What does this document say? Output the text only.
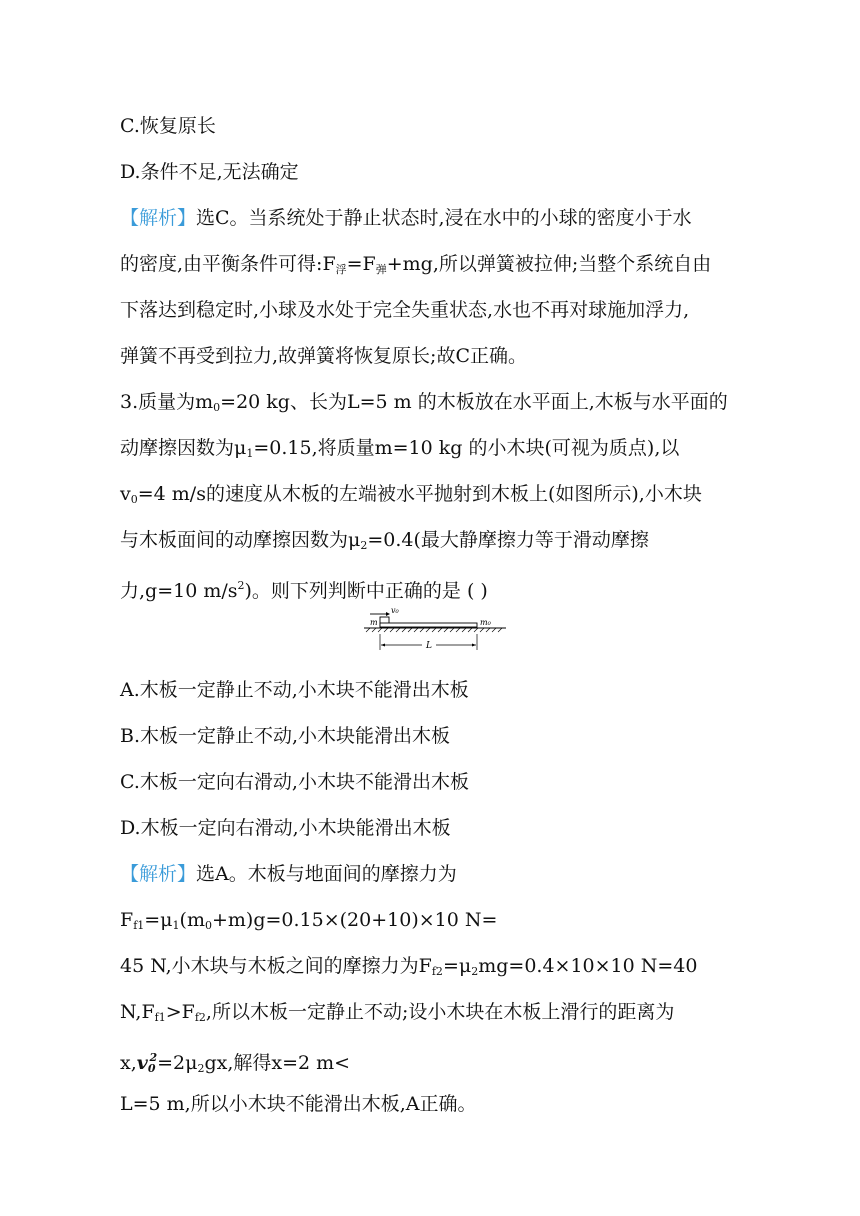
C.恢复原长
D.条件不足,无法确定
【解析】选C。当系统处于静止状态时,浸在水中的小球的密度小于水
的密度,由平衡条件可得$:F_浮=F_弹+mg$,所以弹簧被拉伸;当整个系统自由
下落达到稳定时,小球及水处于完全失重状态,水也不再对球施加浮力,
弹簧不再受到拉力,故弹簧将恢复原长;故C正确。
3.质量为$m_0=20$ kg、长为L=5 m 的木板放在水平面上,木板与水平面的
动摩擦因数为$\mu_1=0.15$,将质量m=10 kg 的小木块(可视为质点),以
$v_0=4$ m/s的速度从木板的左端被水平抛射到木板上(如图所示),小木块
与木板面间的动摩擦因数为$\mu_2=0.4$(最大静摩擦力等于滑动摩擦
力,g=10 $m/s^2$)。则下列判断中正确的是 ( )
v₀
m	m₀
L
A.木板一定静止不动,小木块不能滑出木板
B.木板一定静止不动,小木块能滑出木板
C.木板一定向右滑动,小木块不能滑出木板
D.木板一定向右滑动,小木块能滑出木板
【解析】选A。木板与地面间的摩擦力为
$F_{f1}=\mu_1(m_0+m)g=0.15\times(20+10)\times 10$ N=
45 N,小木块与木板之间的摩擦力为$F_{f2}=\mu_2mg=0.4\times 10\times 10$ N=40
$N,F_{f1}>F_{f2}$,所以木板一定静止不动;设小木块在木板上滑行的距离为
$x,v_0^2=2\mu_2gx$,解得x=2 m<
L=5 m,所以小木块不能滑出木板,A正确。
